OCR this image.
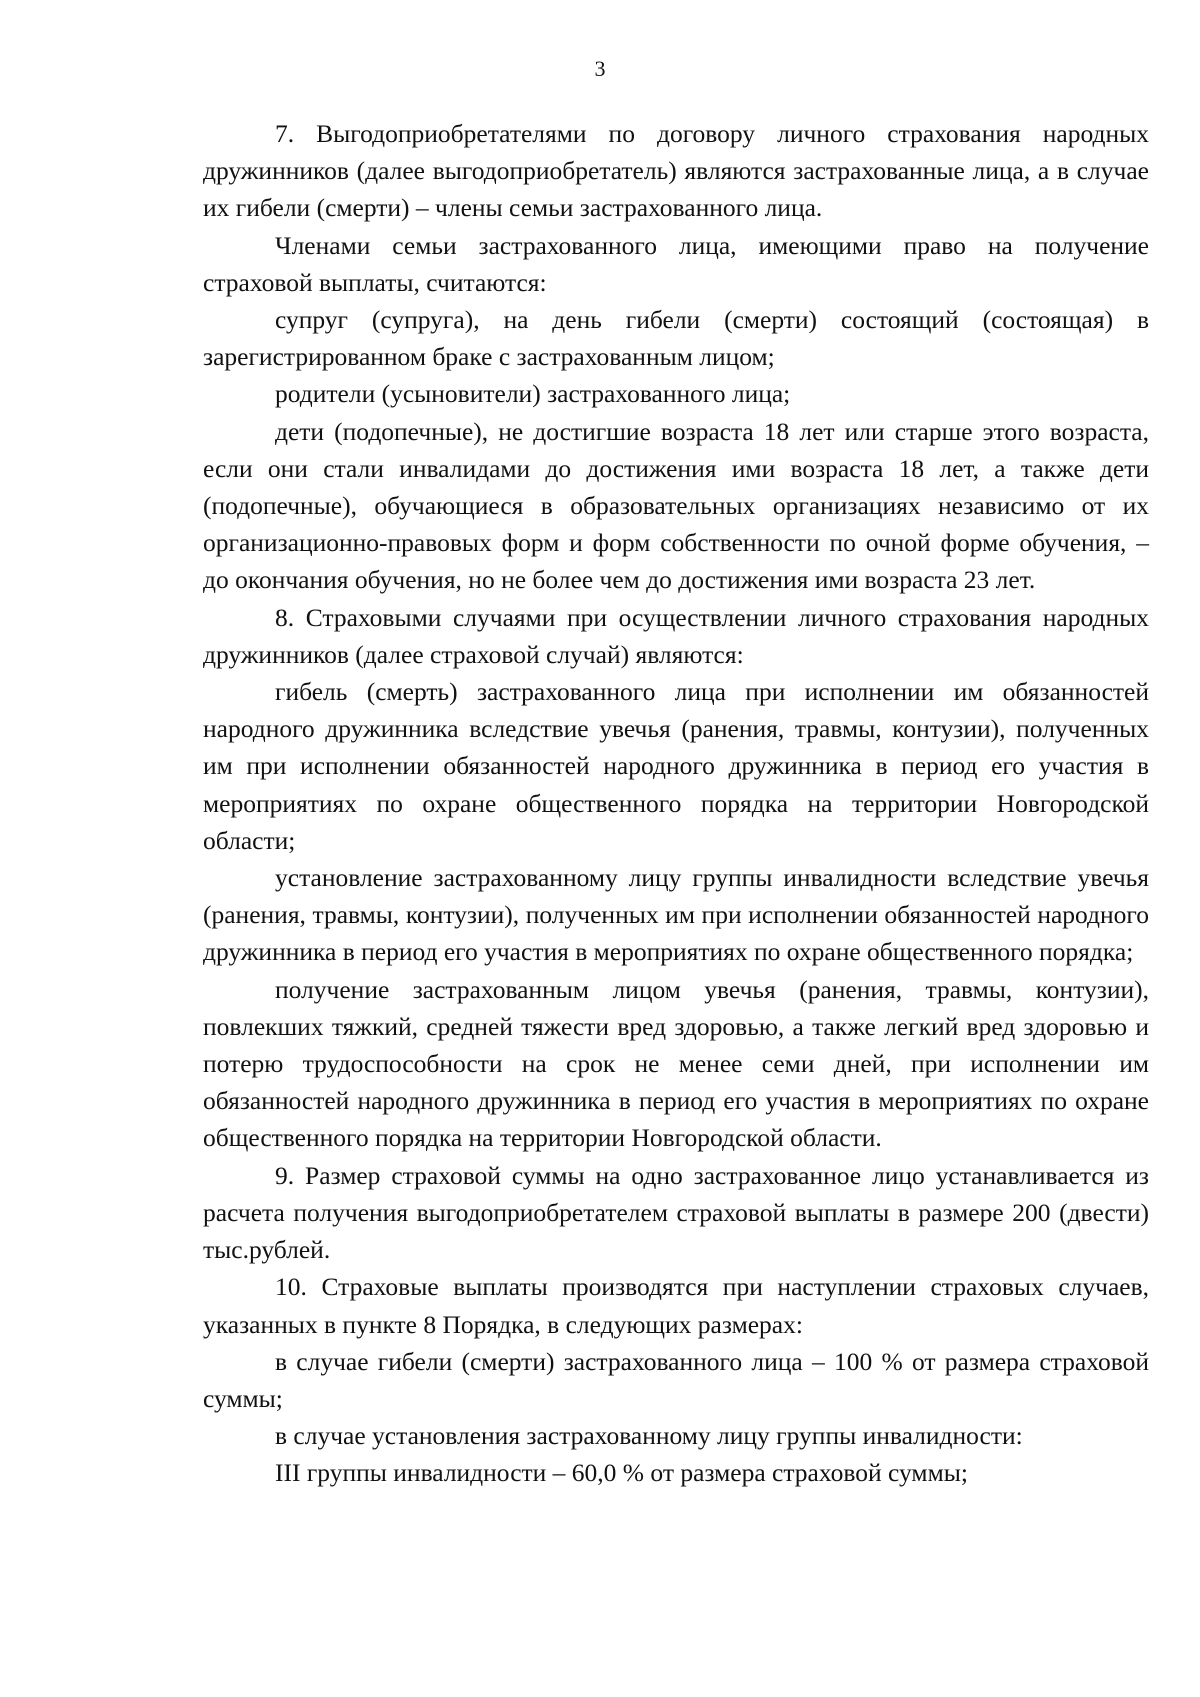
3

7. Выгодоприобретателями по договору личного страхования народных дружинников (далее выгодоприобретатель) являются застрахованные лица, а в случае их гибели (смерти) – члены семьи застрахованного лица.

Членами семьи застрахованного лица, имеющими право на получение страховой выплаты, считаются:

супруг (супруга), на день гибели (смерти) состоящий (состоящая) в зарегистрированном браке с застрахованным лицом;

родители (усыновители) застрахованного лица;

дети (подопечные), не достигшие возраста 18 лет или старше этого возраста, если они стали инвалидами до достижения ими возраста 18 лет, а также дети (подопечные), обучающиеся в образовательных организациях независимо от их организационно-правовых форм и форм собственности по очной форме обучения, – до окончания обучения, но не более чем до достижения ими возраста 23 лет.

8. Страховыми случаями при осуществлении личного страхования народных дружинников (далее страховой случай) являются:

гибель (смерть) застрахованного лица при исполнении им обязанностей народного дружинника вследствие увечья (ранения, травмы, контузии), полученных им при исполнении обязанностей народного дружинника в период его участия в мероприятиях по охране общественного порядка на территории Новгородской области;

установление застрахованному лицу группы инвалидности вследствие увечья (ранения, травмы, контузии), полученных им при исполнении обязанностей народного дружинника в период его участия в мероприятиях по охране общественного порядка;

получение застрахованным лицом увечья (ранения, травмы, контузии), повлекших тяжкий, средней тяжести вред здоровью, а также легкий вред здоровью и потерю трудоспособности на срок не менее семи дней, при исполнении им обязанностей народного дружинника в период его участия в мероприятиях по охране общественного порядка на территории Новгородской области.

9. Размер страховой суммы на одно застрахованное лицо устанавливается из расчета получения выгодоприобретателем страховой выплаты в размере 200 (двести) тыс.рублей.

10. Страховые выплаты производятся при наступлении страховых случаев, указанных в пункте 8 Порядка, в следующих размерах:

в случае гибели (смерти) застрахованного лица – 100 % от размера страховой суммы;

в случае установления застрахованному лицу группы инвалидности:

III группы инвалидности – 60,0 % от размера страховой суммы;
